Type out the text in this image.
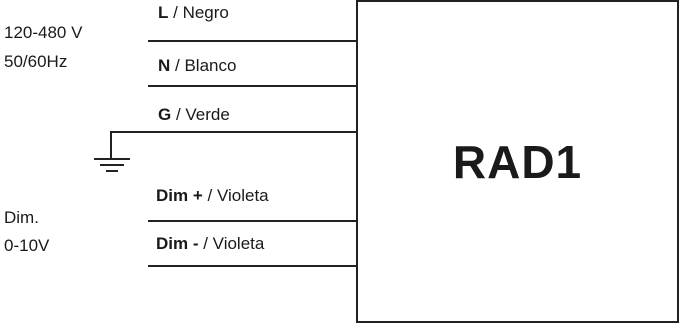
120-480 V
50/60Hz
Dim.
0-10V
L / Negro
N / Blanco
G / Verde
Dim + / Violeta
Dim - / Violeta
RAD1
